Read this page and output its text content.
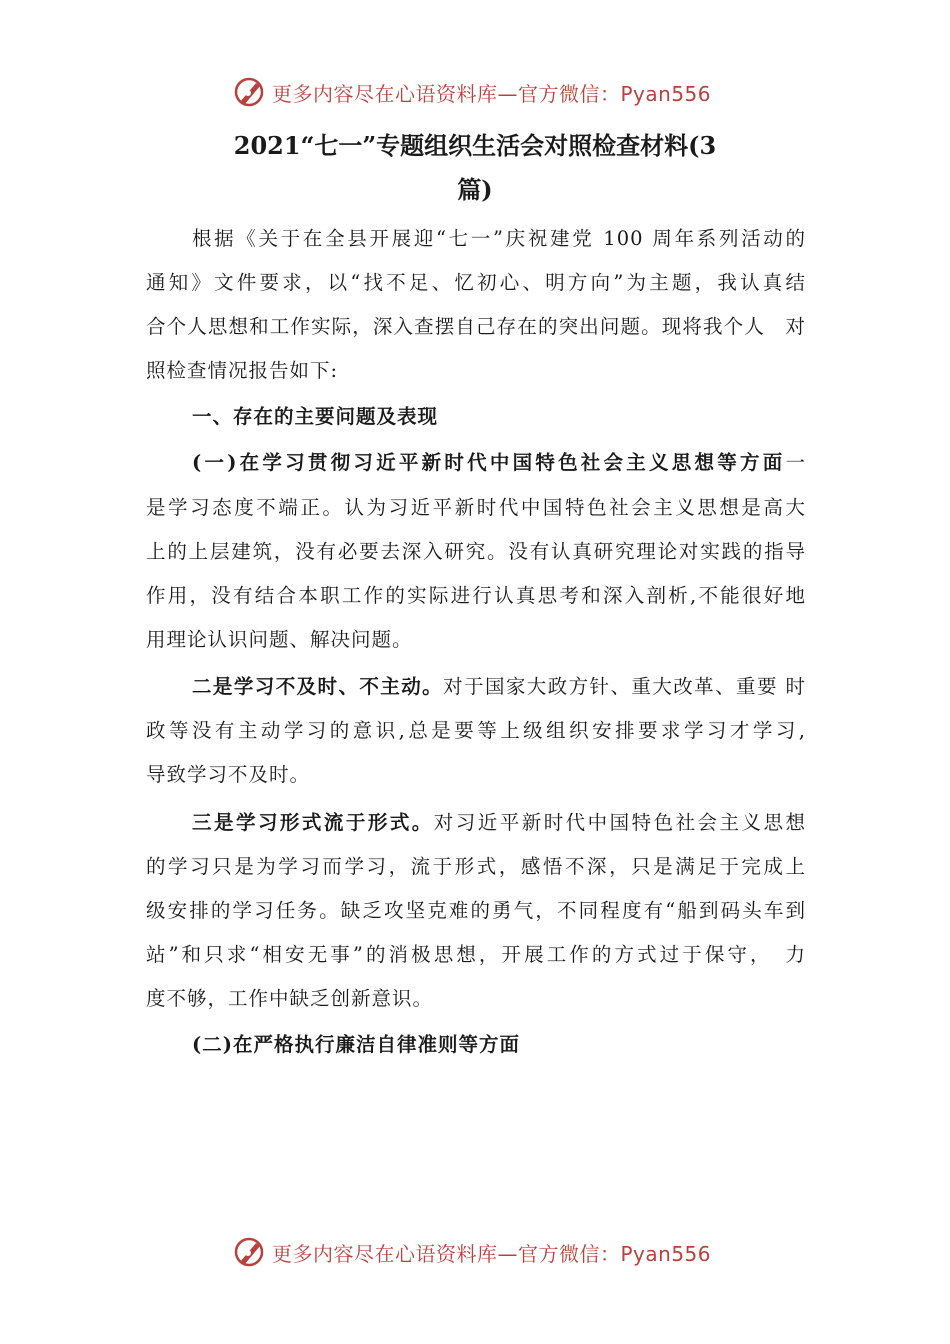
更多内容尽在心语资料库—官方微信：Pyan556
2021“七一”专题组织生活会对照检查材料(3
篇)
根据《关于在全县开展迎“七一”庆祝建党 100 周年系列活动的
通知》文件要求，以“找不足、忆初心、明方向”为主题，我认真结
合个人思想和工作实际，深入查摆自己存在的突出问题。现将我个人　对
照检查情况报告如下:
一、存在的主要问题及表现
(一)在学习贯彻习近平新时代中国特色社会主义思想等方面一
是学习态度不端正。认为习近平新时代中国特色社会主义思想是高大
上的上层建筑，没有必要去深入研究。没有认真研究理论对实践的指导
作用，没有结合本职工作的实际进行认真思考和深入剖析,不能很好地
用理论认识问题、解决问题。
二是学习不及时、不主动。对于国家大政方针、重大改革、重要 时
政等没有主动学习的意识,总是要等上级组织安排要求学习才学习,
导致学习不及时。
三是学习形式流于形式。对习近平新时代中国特色社会主义思想
的学习只是为学习而学习，流于形式，感悟不深，只是满足于完成上
级安排的学习任务。缺乏攻坚克难的勇气，不同程度有“船到码头车到
站”和只求“相安无事”的消极思想，开展工作的方式过于保守，　力
度不够，工作中缺乏创新意识。
(二)在严格执行廉洁自律准则等方面
更多内容尽在心语资料库—官方微信：Pyan556
